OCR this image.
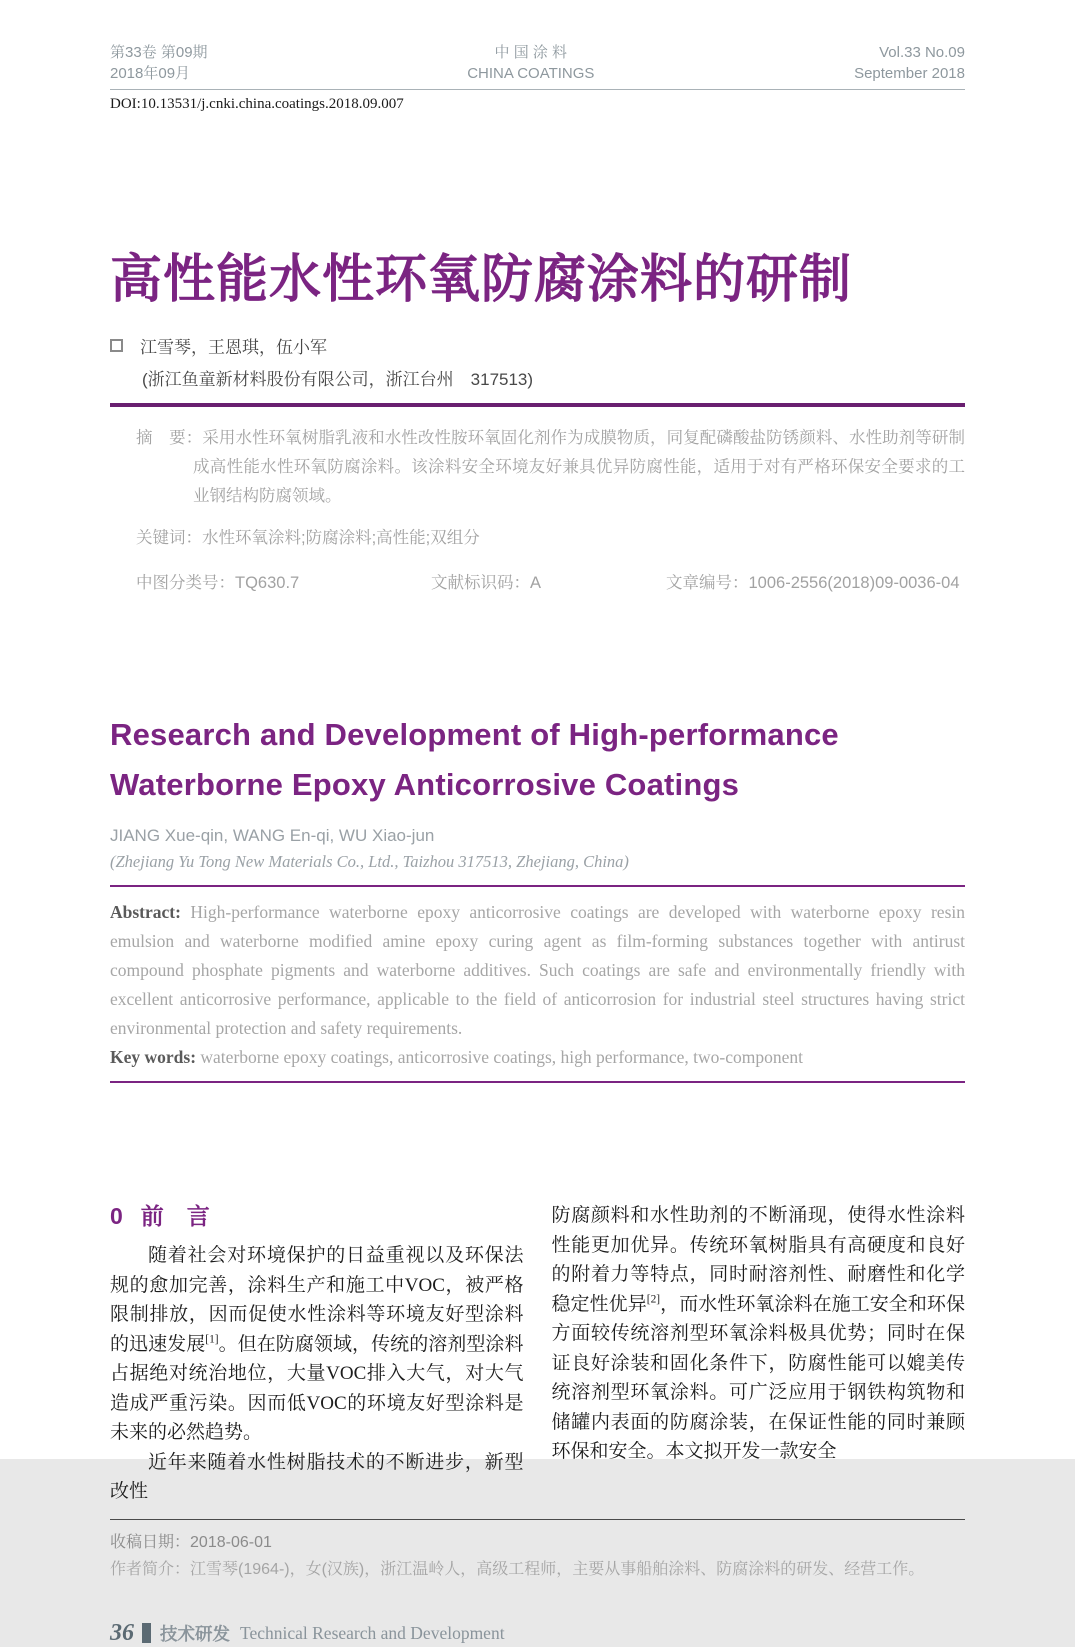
第33卷 第09期
2018年09月
中 国 涂 料
CHINA COATINGS
Vol.33 No.09
September 2018
DOI:10.13531/j.cnki.china.coatings.2018.09.007
高性能水性环氧防腐涂料的研制
江雪琴，王恩琪，伍小军
(浙江鱼童新材料股份有限公司，浙江台州　317513)

摘　要：采用水性环氧树脂乳液和水性改性胺环氧固化剂作为成膜物质，同复配磷酸盐防锈颜料、水性助剂等研制成高性能水性环氧防腐涂料。该涂料安全环境友好兼具优异防腐性能，适用于对有严格环保安全要求的工业钢结构防腐领域。

关键词：水性环氧涂料;防腐涂料;高性能;双组分
中图分类号：TQ630.7	文献标识码：A	文章编号：1006-2556(2018)09-0036-04
Research and Development of High-performance
Waterborne Epoxy Anticorrosive Coatings
JIANG Xue-qin, WANG En-qi, WU Xiao-jun
(Zhejiang Yu Tong New Materials Co., Ltd., Taizhou 317513, Zhejiang, China)

Abstract: High-performance waterborne epoxy anticorrosive coatings are developed with waterborne epoxy resin emulsion and waterborne modified amine epoxy curing agent as film-forming substances together with antirust compound phosphate pigments and waterborne additives. Such coatings are safe and environmentally friendly with excellent anticorrosive performance, applicable to the field of anticorrosion for industrial steel structures having strict environmental protection and safety requirements.

Key words: waterborne epoxy coatings, anticorrosive coatings, high performance, two-component

0 前　言

随着社会对环境保护的日益重视以及环保法规的愈加完善，涂料生产和施工中VOC，被严格限制排放，因而促使水性涂料等环境友好型涂料的迅速发展[1]。但在防腐领域，传统的溶剂型涂料占据绝对统治地位，大量VOC排入大气，对大气造成严重污染。因而低VOC的环境友好型涂料是未来的必然趋势。

近年来随着水性树脂技术的不断进步，新型改性

防腐颜料和水性助剂的不断涌现，使得水性涂料性能更加优异。传统环氧树脂具有高硬度和良好的附着力等特点，同时耐溶剂性、耐磨性和化学稳定性优异[2]，而水性环氧涂料在施工安全和环保方面较传统溶剂型环氧涂料极具优势；同时在保证良好涂装和固化条件下，防腐性能可以媲美传统溶剂型环氧涂料。可广泛应用于钢铁构筑物和储罐内表面的防腐涂装，在保证性能的同时兼顾环保和安全。本文拟开发一款安全

收稿日期：2018-06-01
作者简介：江雪琴(1964-)，女(汉族)，浙江温岭人，高级工程师，主要从事船舶涂料、防腐涂料的研发、经营工作。
36 技术研发 Technical Research and Development
